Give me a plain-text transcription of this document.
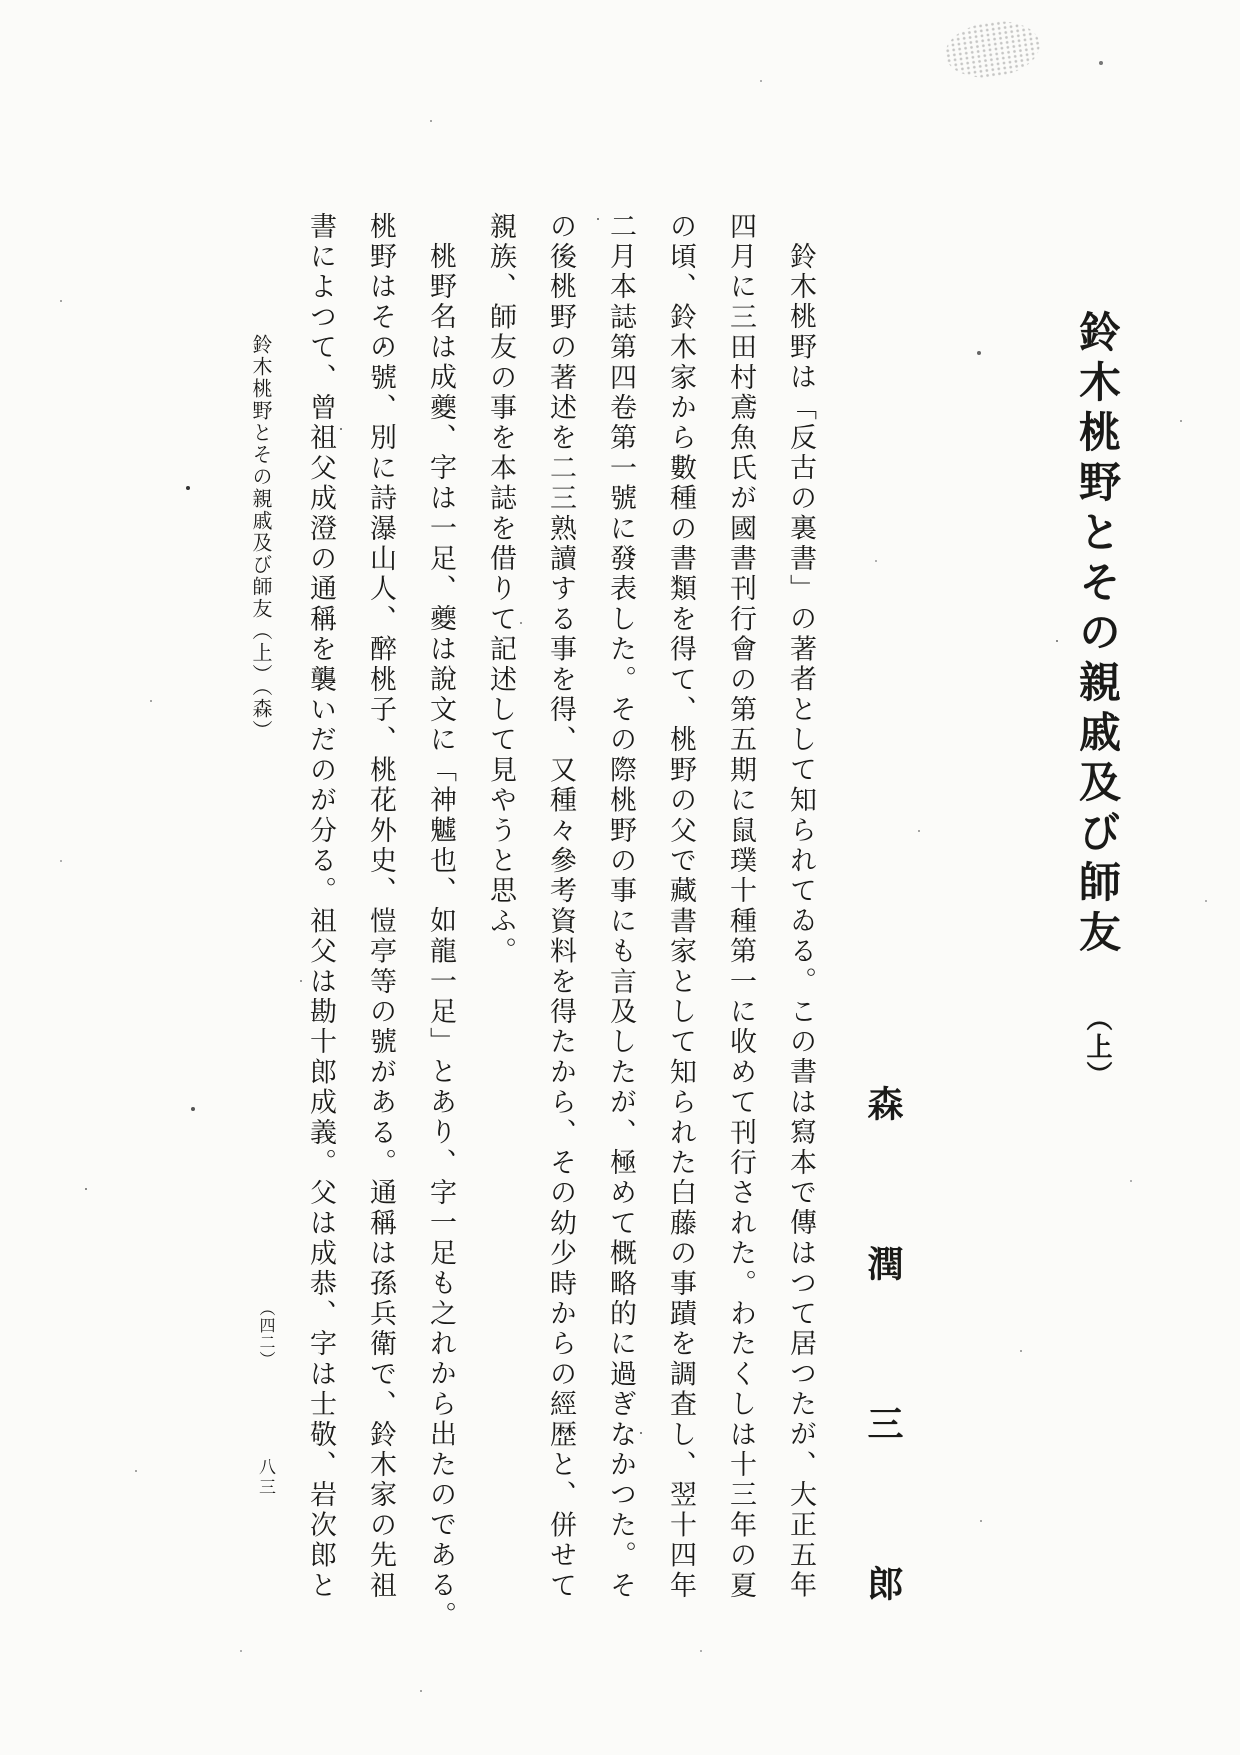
鈴木桃野とその親戚及び師友（上）
森潤三郎
鈴木桃野は「反古の裏書」の著者として知られてゐる。この書は寫本で傳はつて居つたが、大正五年
四月に三田村鳶魚氏が國書刊行會の第五期に鼠璞十種第一に收めて刊行された。わたくしは十三年の夏
の頃、鈴木家から數種の書類を得て、桃野の父で藏書家として知られた白藤の事蹟を調査し、翌十四年
二月本誌第四卷第一號に發表した。その際桃野の事にも言及したが、極めて概略的に過ぎなかつた。そ
の後桃野の著述を二三熟讀する事を得、又種々參考資料を得たから、その幼少時からの經歴と、併せて
親族、師友の事を本誌を借りて記述して見やうと思ふ。
桃野名は成夔、字は一足、夔は說文に「神魖也、如龍一足」とあり、字一足も之れから出たのである。
桃野はその號、別に詩瀑山人、醉桃子、桃花外史、愷亭等の號がある。通稱は孫兵衛で、鈴木家の先祖
書によつて、曾祖父成澄の通稱を襲いだのが分る。祖父は勘十郎成義。父は成恭、字は士敬、岩次郎と
鈴木桃野とその親戚及び師友（上）（森）
（四二）
八三
